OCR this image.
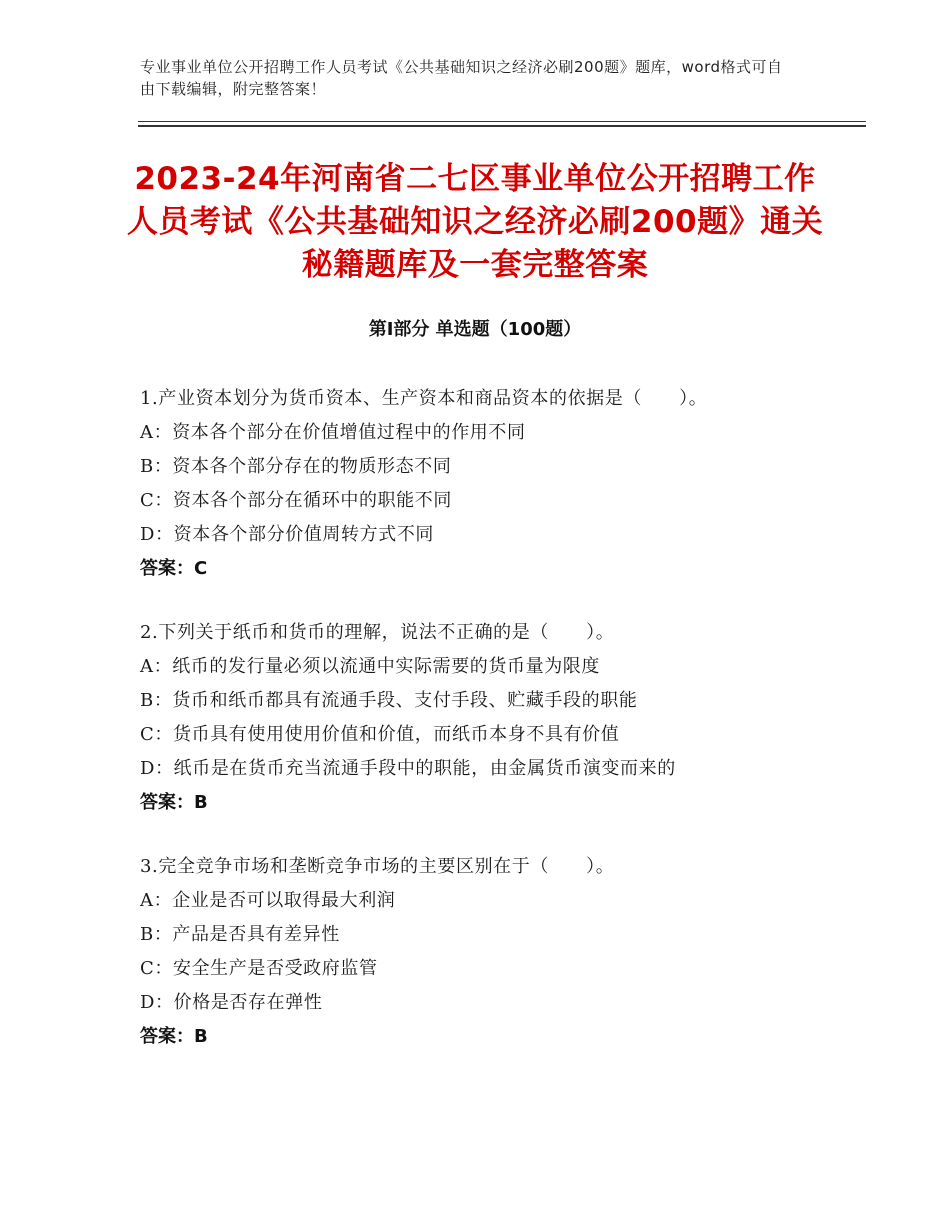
专业事业单位公开招聘工作人员考试《公共基础知识之经济必刷200题》题库，word格式可自由下载编辑，附完整答案！
2023-24年河南省二七区事业单位公开招聘工作人员考试《公共基础知识之经济必刷200题》通关秘籍题库及一套完整答案
第I部分 单选题（100题）
1.产业资本划分为货币资本、生产资本和商品资本的依据是（　　）。
A：资本各个部分在价值增值过程中的作用不同
B：资本各个部分存在的物质形态不同
C：资本各个部分在循环中的职能不同
D：资本各个部分价值周转方式不同
答案：C
2.下列关于纸币和货币的理解，说法不正确的是（　　）。
A：纸币的发行量必须以流通中实际需要的货币量为限度
B：货币和纸币都具有流通手段、支付手段、贮藏手段的职能
C：货币具有使用使用价值和价值，而纸币本身不具有价值
D：纸币是在货币充当流通手段中的职能，由金属货币演变而来的
答案：B
3.完全竞争市场和垄断竞争市场的主要区别在于（　　）。
A：企业是否可以取得最大利润
B：产品是否具有差异性
C：安全生产是否受政府监管
D：价格是否存在弹性
答案：B
